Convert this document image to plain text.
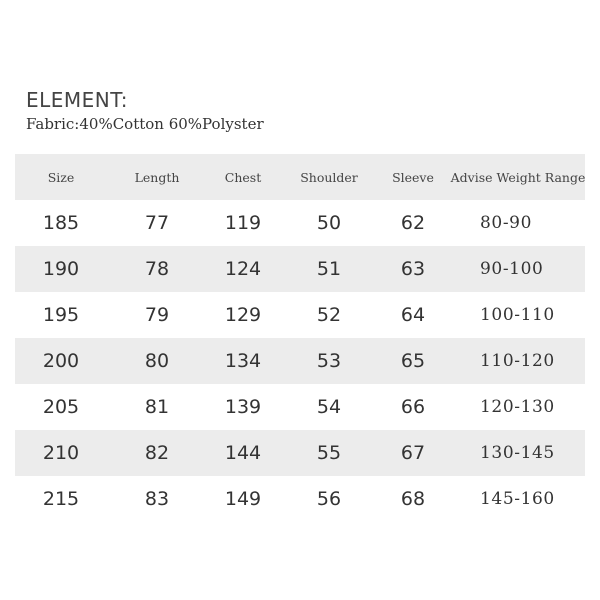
ELEMENT:
Fabric:40%Cotton 60%Polyster
Size	Length	Chest	Shoulder	Sleeve	Advise Weight Range
185	77	119	50	62	80-90
190	78	124	51	63	90-100
195	79	129	52	64	100-110
200	80	134	53	65	110-120
205	81	139	54	66	120-130
210	82	144	55	67	130-145
215	83	149	56	68	145-160
